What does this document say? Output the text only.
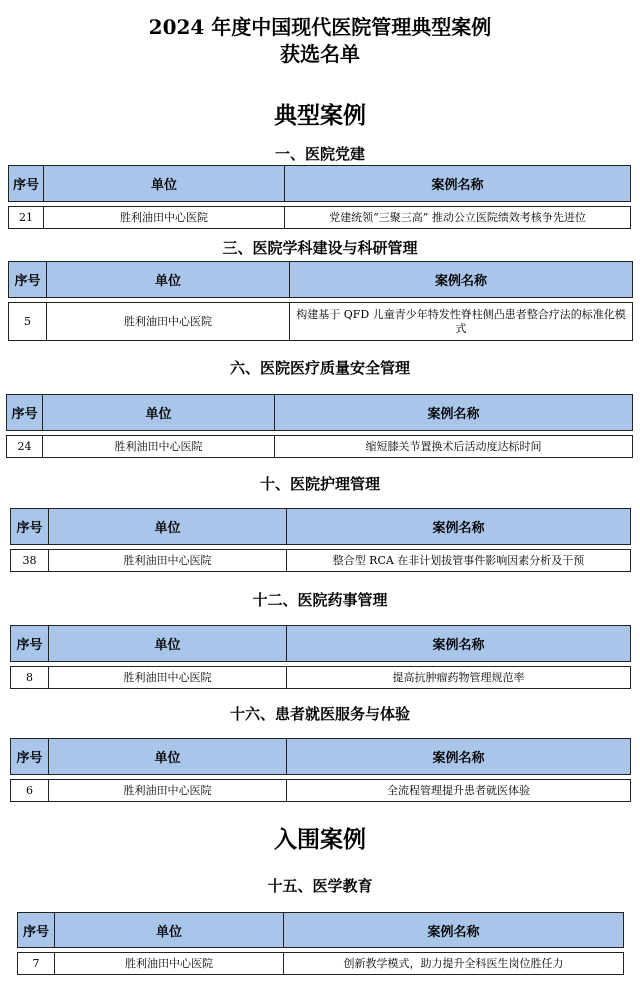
2024 年度中国现代医院管理典型案例
获选名单
典型案例
一、医院党建
序号	单位	案例名称

21	胜利油田中心医院	党建统领“三聚三高” 推动公立医院绩效考核争先进位
三、医院学科建设与科研管理
序号	单位	案例名称

5	胜利油田中心医院	构建基于 QFD 儿童青少年特发性脊柱侧凸患者整合疗法的标准化模式
六、医院医疗质量安全管理
序号	单位	案例名称

24	胜利油田中心医院	缩短膝关节置换术后活动度达标时间
十、医院护理管理
序号	单位	案例名称

38	胜利油田中心医院	整合型 RCA 在非计划拔管事件影响因素分析及干预
十二、医院药事管理
序号	单位	案例名称

8	胜利油田中心医院	提高抗肿瘤药物管理规范率
十六、患者就医服务与体验
序号	单位	案例名称

6	胜利油田中心医院	全流程管理提升患者就医体验
入围案例
十五、医学教育
序号	单位	案例名称

7	胜利油田中心医院	创新教学模式，助力提升全科医生岗位胜任力
